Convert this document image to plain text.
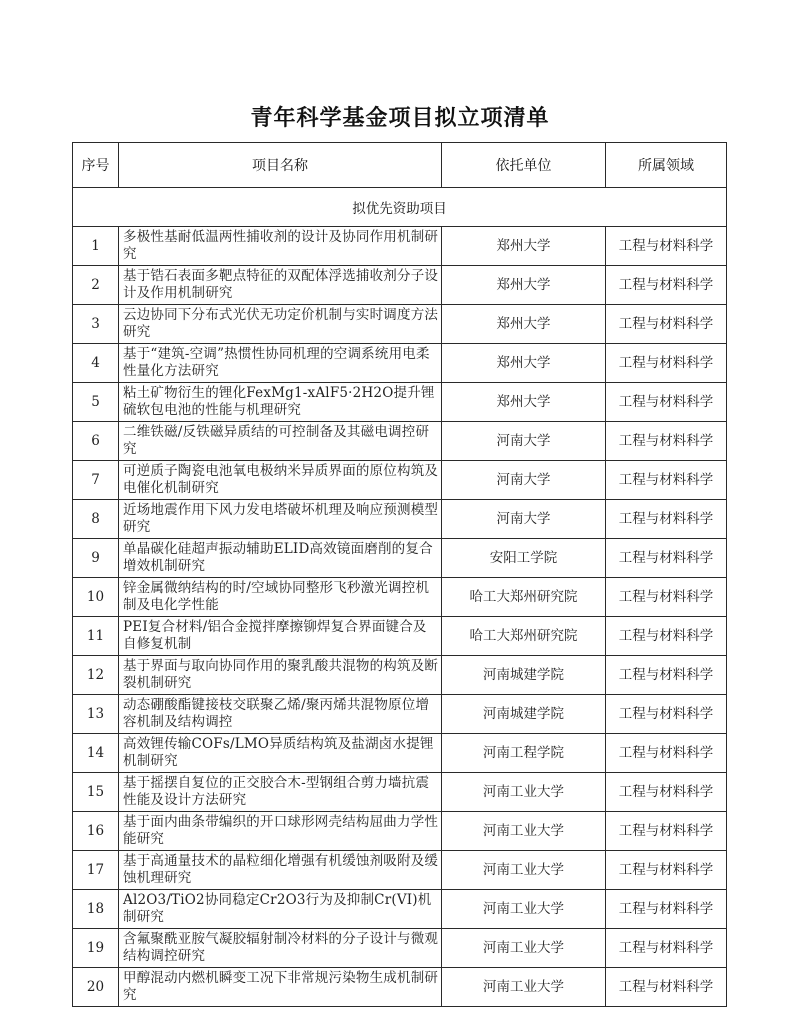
青年科学基金项目拟立项清单
序号	项目名称	依托单位	所属领域
拟优先资助项目			
1	多极性基耐低温两性捕收剂的设计及协同作用机制研究	郑州大学	工程与材料科学
2	基于锆石表面多靶点特征的双配体浮选捕收剂分子设计及作用机制研究	郑州大学	工程与材料科学
3	云边协同下分布式光伏无功定价机制与实时调度方法研究	郑州大学	工程与材料科学
4	基于“建筑-空调”热惯性协同机理的空调系统用电柔性量化方法研究	郑州大学	工程与材料科学
5	粘土矿物衍生的锂化FexMg1-xAlF5·2H2O提升锂硫软包电池的性能与机理研究	郑州大学	工程与材料科学
6	二维铁磁/反铁磁异质结的可控制备及其磁电调控研究	河南大学	工程与材料科学
7	可逆质子陶瓷电池氧电极纳米异质界面的原位构筑及电催化机制研究	河南大学	工程与材料科学
8	近场地震作用下风力发电塔破坏机理及响应预测模型研究	河南大学	工程与材料科学
9	单晶碳化硅超声振动辅助ELID高效镜面磨削的复合增效机制研究	安阳工学院	工程与材料科学
10	锌金属微纳结构的时/空域协同整形飞秒激光调控机制及电化学性能	哈工大郑州研究院	工程与材料科学
11	PEI复合材料/铝合金搅拌摩擦铆焊复合界面键合及自修复机制	哈工大郑州研究院	工程与材料科学
12	基于界面与取向协同作用的聚乳酸共混物的构筑及断裂机制研究	河南城建学院	工程与材料科学
13	动态硼酸酯键接枝交联聚乙烯/聚丙烯共混物原位增容机制及结构调控	河南城建学院	工程与材料科学
14	高效锂传输COFs/LMO异质结构筑及盐湖卤水提锂机制研究	河南工程学院	工程与材料科学
15	基于摇摆自复位的正交胶合木-型钢组合剪力墙抗震性能及设计方法研究	河南工业大学	工程与材料科学
16	基于面内曲条带编织的开口球形网壳结构屈曲力学性能研究	河南工业大学	工程与材料科学
17	基于高通量技术的晶粒细化增强有机缓蚀剂吸附及缓蚀机理研究	河南工业大学	工程与材料科学
18	Al2O3/TiO2协同稳定Cr2O3行为及抑制Cr(VI)机制研究	河南工业大学	工程与材料科学
19	含氟聚酰亚胺气凝胶辐射制冷材料的分子设计与微观结构调控研究	河南工业大学	工程与材料科学
20	甲醇混动内燃机瞬变工况下非常规污染物生成机制研究	河南工业大学	工程与材料科学
